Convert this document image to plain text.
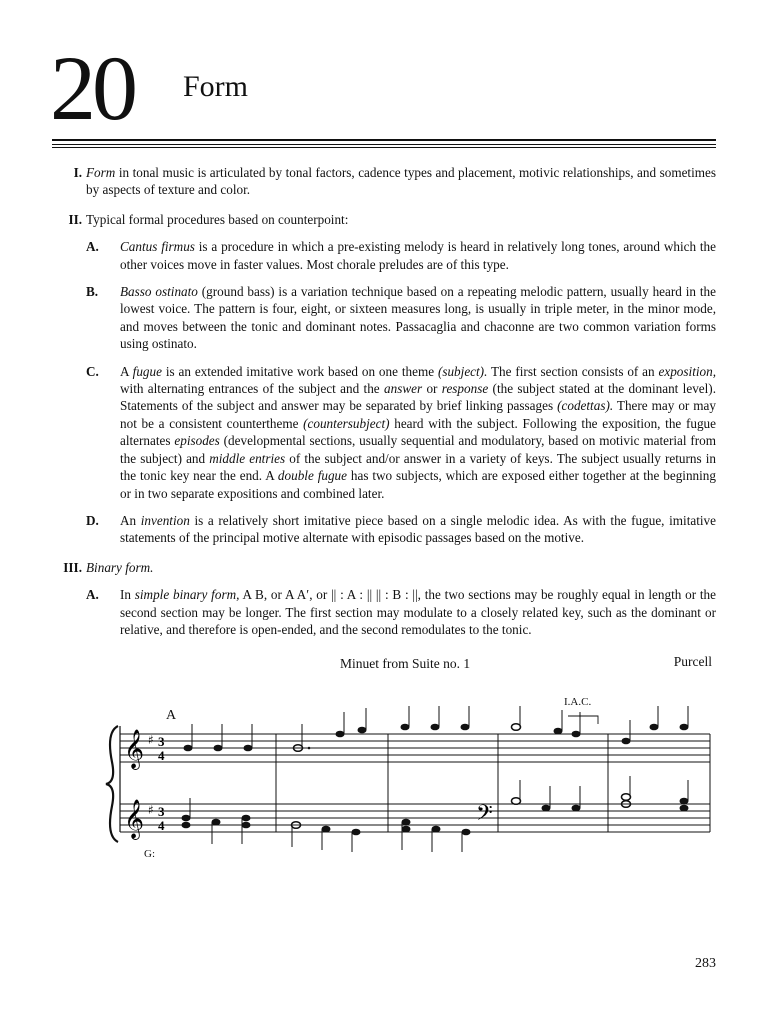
20 Form
I. Form in tonal music is articulated by tonal factors, cadence types and placement, motivic relationships, and sometimes by aspects of texture and color.
II. Typical formal procedures based on counterpoint:
A.	Cantus firmus is a procedure in which a pre-existing melody is heard in relatively long tones, around which the other voices move in faster values. Most chorale preludes are of this type.
B.	Basso ostinato (ground bass) is a variation technique based on a repeating melodic pattern, usually heard in the lowest voice. The pattern is four, eight, or sixteen measures long, is usually in triple meter, in the minor mode, and moves between the tonic and dominant notes. Passacaglia and chaconne are two common variation forms using ostinato.
C.	A fugue is an extended imitative work based on one theme (subject). The first section consists of an exposition, with alternating entrances of the subject and the answer or response (the subject stated at the dominant level). Statements of the subject and answer may be separated by brief linking passages (codettas). There may or may not be a consistent countertheme (countersubject) heard with the subject. Following the exposition, the fugue alternates episodes (developmental sections, usually sequential and modulatory, based on motivic material from the subject) and middle entries of the subject and/or answer in a variety of keys. The subject usually returns in the tonic key near the end. A double fugue has two subjects, which are exposed either together at the beginning or in two separate expositions and combined later.
D.	An invention is a relatively short imitative piece based on a single melodic idea. As with the fugue, imitative statements of the principal motive alternate with episodic passages based on the motive.
III. Binary form.
A.	In simple binary form, A B, or A A′, or || : A : || || : B : ||, the two sections may be roughly equal in length or the second section may be longer. The first section may modulate to a closely related key, such as the dominant or relative, and therefore is open-ended, and the second remodulates to the tonic.
Minuet from Suite no. 1	Purcell
A
I.A.C.
G:
𝄞
𝄞	𝄢
♯
♯
3
4
3
4
283
